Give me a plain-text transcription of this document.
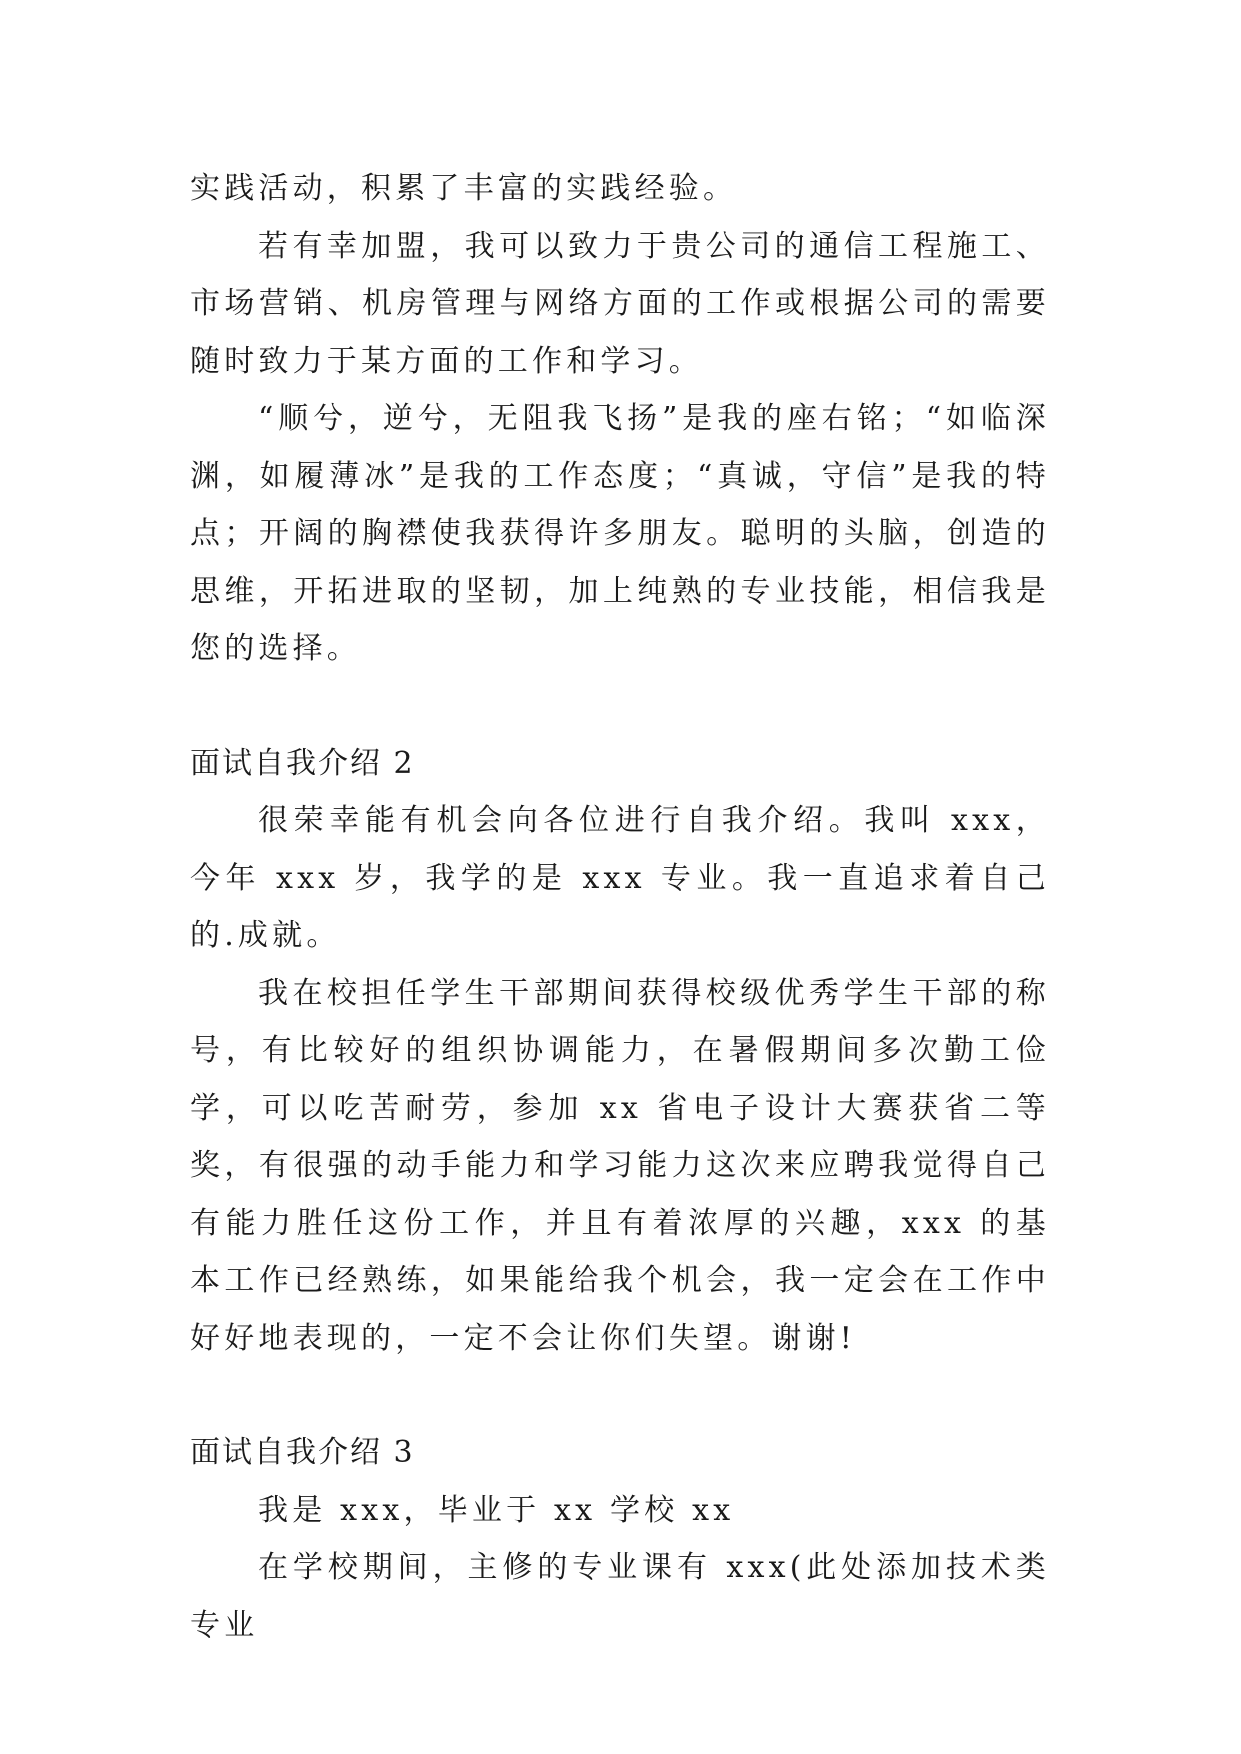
实践活动，积累了丰富的实践经验。

若有幸加盟，我可以致力于贵公司的通信工程施工、市场营销、机房管理与网络方面的工作或根据公司的需要随时致力于某方面的工作和学习。

“顺兮，逆兮，无阻我飞扬”是我的座右铭；“如临深渊，如履薄冰”是我的工作态度；“真诚，守信”是我的特点；开阔的胸襟使我获得许多朋友。聪明的头脑，创造的思维，开拓进取的坚韧，加上纯熟的专业技能，相信我是您的选择。

面试自我介绍 2

很荣幸能有机会向各位进行自我介绍。我叫 xxx，今年 xxx 岁，我学的是 xxx 专业。我一直追求着自己的.成就。

我在校担任学生干部期间获得校级优秀学生干部的称号，有比较好的组织协调能力，在暑假期间多次勤工俭学，可以吃苦耐劳，参加 xx 省电子设计大赛获省二等奖，有很强的动手能力和学习能力这次来应聘我觉得自己有能力胜任这份工作，并且有着浓厚的兴趣，xxx 的基本工作已经熟练，如果能给我个机会，我一定会在工作中好好地表现的，一定不会让你们失望。谢谢!

面试自我介绍 3

我是 xxx，毕业于 xx 学校 xx

在学校期间，主修的专业课有 xxx(此处添加技术类专业
